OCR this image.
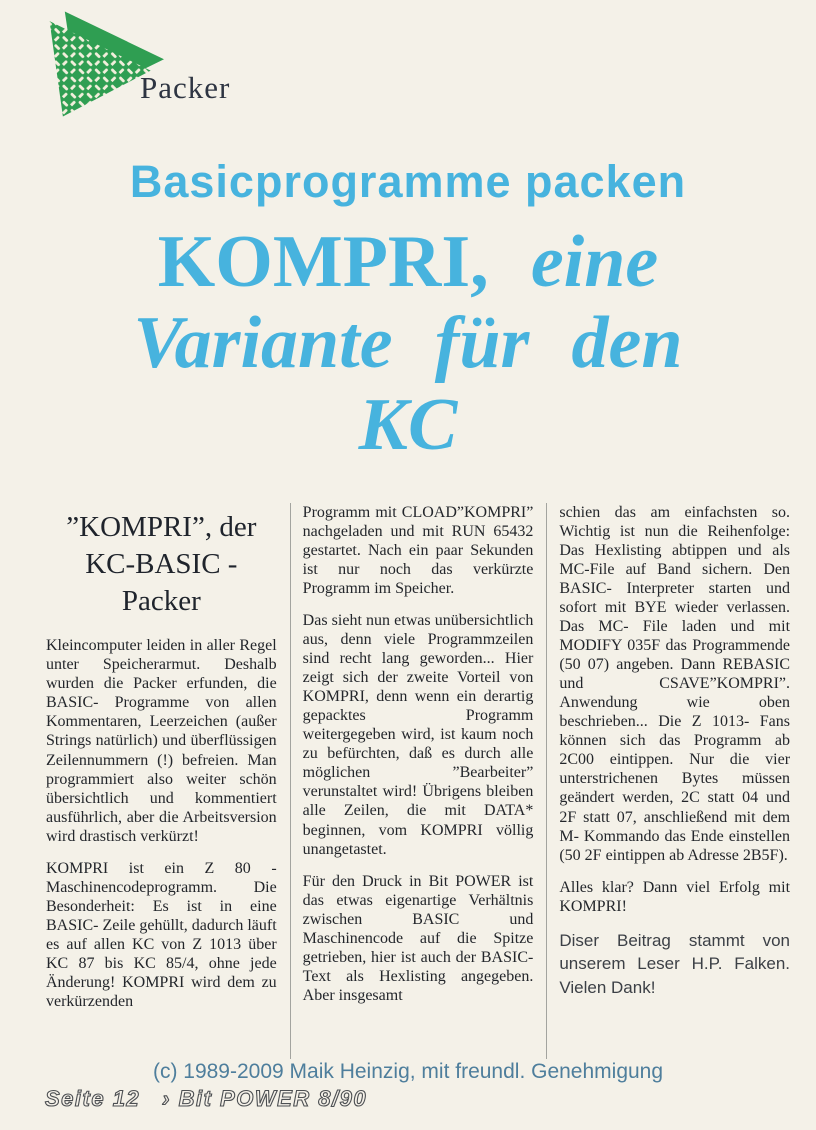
Packer
Basicprogramme packen
KOMPRI, eine
Variante für den
KC
”KOMPRI”, der
KC-BASIC -
Packer

Kleincomputer leiden in aller Regel unter Speicherarmut. Deshalb wurden die Packer erfunden, die BASIC- Programme von allen Kommentaren, Leerzeichen (außer Strings natürlich) und überflüssigen Zeilennummern (!) befreien. Man programmiert also weiter schön übersichtlich und kommentiert ausführlich, aber die Arbeitsversion wird drastisch verkürzt!

KOMPRI ist ein Z 80 - Maschinencodeprogramm. Die Besonderheit: Es ist in eine BASIC- Zeile gehüllt, dadurch läuft es auf allen KC von Z 1013 über KC 87 bis KC 85/4, ohne jede Änderung! KOMPRI wird dem zu verkürzenden

Programm mit CLOAD”KOMPRI” nachgeladen und mit RUN 65432 gestartet. Nach ein paar Sekunden ist nur noch das verkürzte Programm im Speicher.

Das sieht nun etwas unübersichtlich aus, denn viele Programmzeilen sind recht lang geworden... Hier zeigt sich der zweite Vorteil von KOMPRI, denn wenn ein derartig gepacktes Programm weitergegeben wird, ist kaum noch zu befürchten, daß es durch alle möglichen ”Bearbeiter” verunstaltet wird! Übrigens bleiben alle Zeilen, die mit DATA* beginnen, vom KOMPRI völlig unangetastet.

Für den Druck in Bit POWER ist das etwas eigenartige Verhältnis zwischen BASIC und Maschinencode auf die Spitze getrieben, hier ist auch der BASIC- Text als Hexlisting angegeben. Aber insgesamt

schien das am einfachsten so. Wichtig ist nun die Reihenfolge: Das Hexlisting abtippen und als MC-File auf Band sichern. Den BASIC- Interpreter starten und sofort mit BYE wieder verlassen. Das MC- File laden und mit MODIFY 035F das Programmende (50 07) angeben. Dann REBASIC und CSAVE”KOMPRI”. Anwendung wie oben beschrieben... Die Z 1013- Fans können sich das Programm ab 2C00 eintippen. Nur die vier unterstrichenen Bytes müssen geändert werden, 2C statt 04 und 2F statt 07, anschließend mit dem M- Kommando das Ende einstellen (50 2F eintippen ab Adresse 2B5F).

Alles klar? Dann viel Erfolg mit KOMPRI!

Diser Beitrag stammt von unserem Leser H.P. Falken. Vielen Dank!

(c) 1989-2009 Maik Heinzig, mit freundl. Genehmigung
Seite 12 › Bit POWER 8/90
